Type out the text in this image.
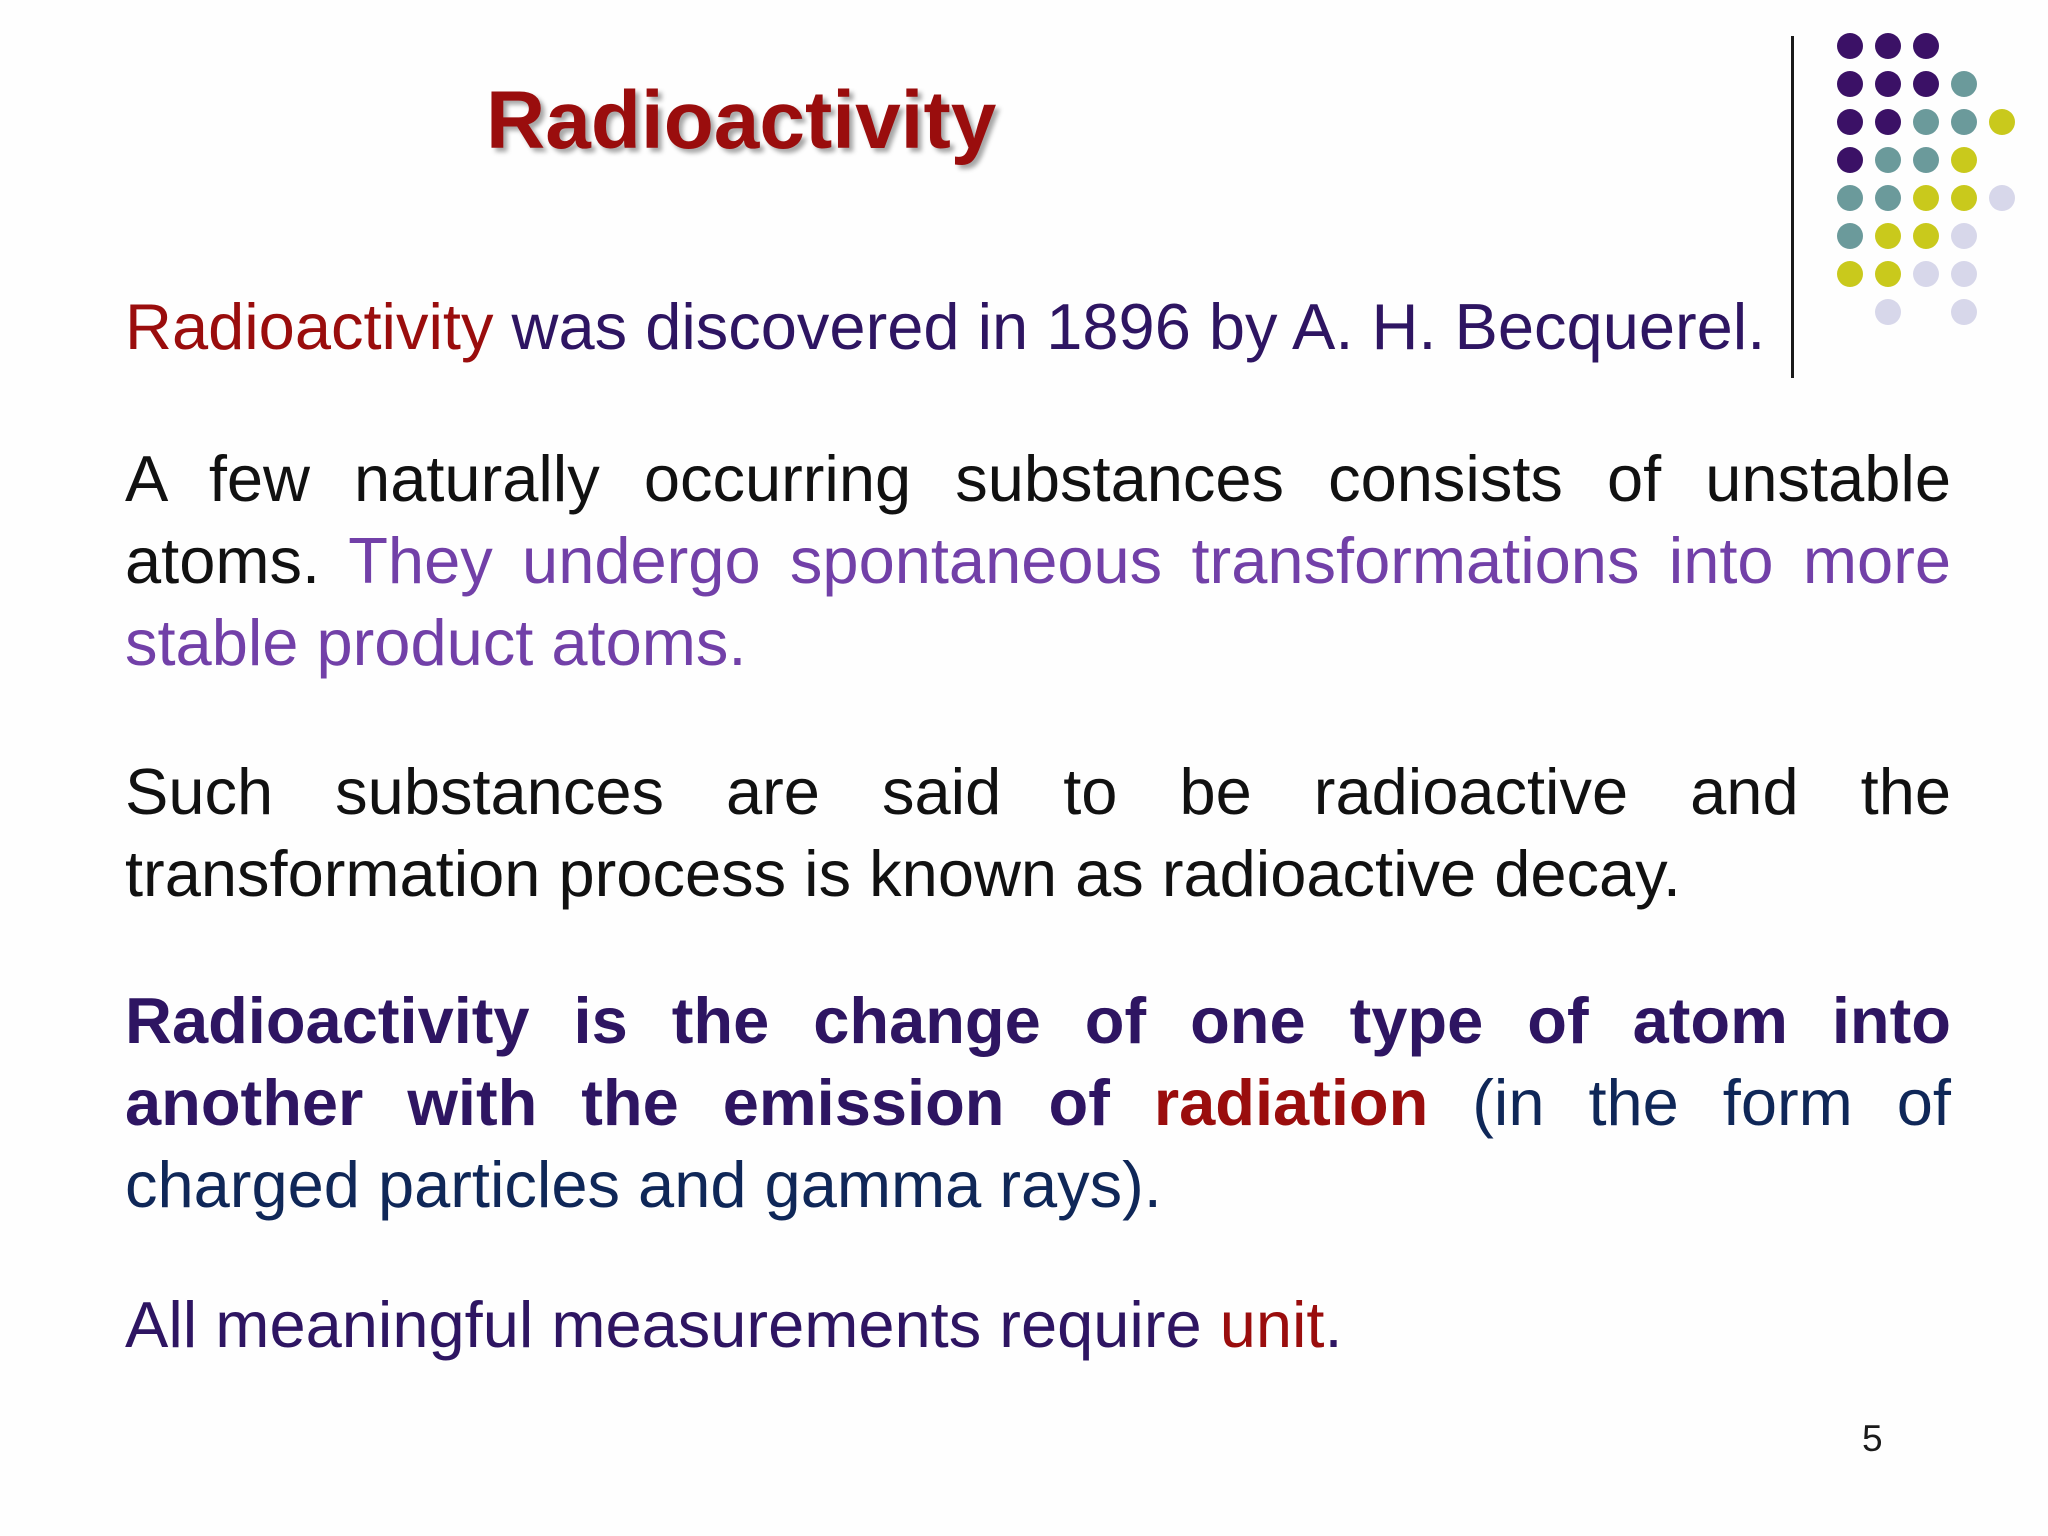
Radioactivity

Radioactivity was discovered in 1896 by A. H. Becquerel.

A few naturally occurring substances consists of unstable atoms. They undergo spontaneous transformations into more stable product atoms.

Such substances are said to be radioactive and the transformation process is known as radioactive decay.

Radioactivity is the change of one type of atom into another with the emission of radiation (in the form of charged particles and gamma rays).

All meaningful measurements require unit.

5
